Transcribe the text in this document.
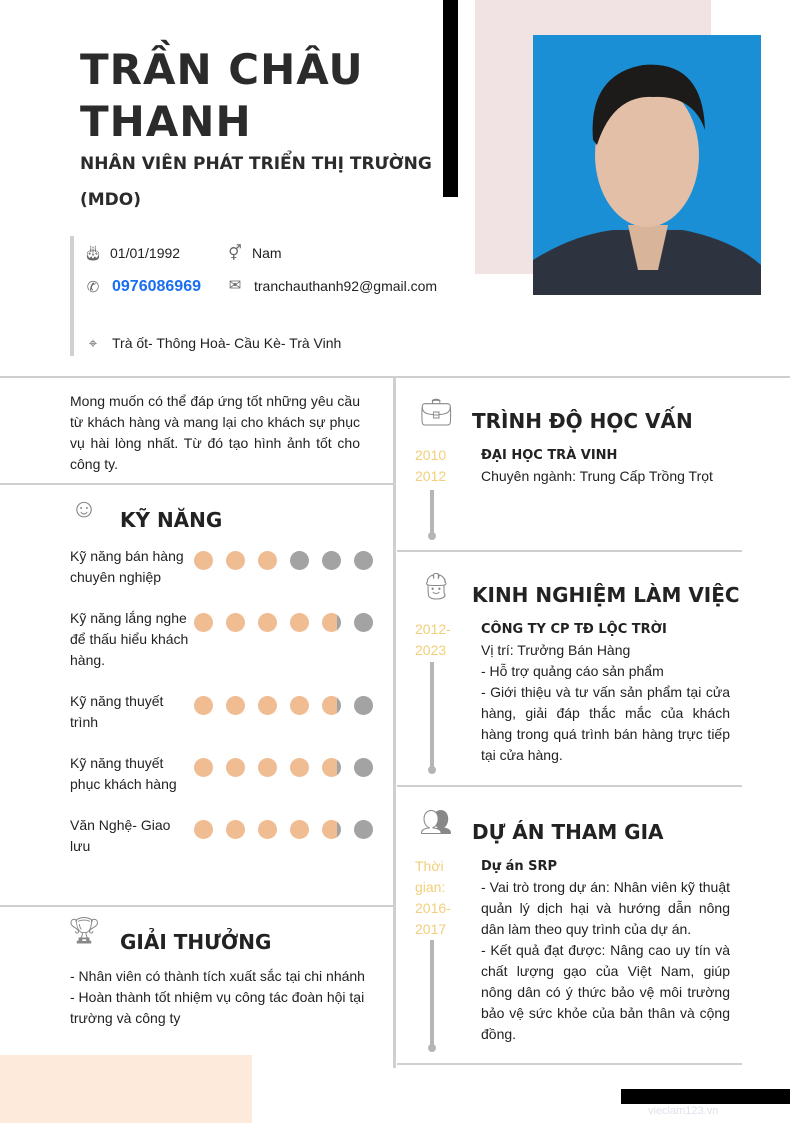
TRẦN CHÂU
THANH
NHÂN VIÊN PHÁT TRIỂN THỊ TRƯỜNG (MDO)
🎂︎ 01/01/1992	⚥ Nam
✆ 0976086969 ✉ tranchauthanh92@gmail.com
⌖	Trà ốt- Thông Hoà- Cầu Kè- Trà Vinh
Mong muốn có thể đáp ứng tốt những yêu cầu từ khách hàng và mang lại cho khách sự phục vụ hài lòng nhất. Từ đó tạo hình ảnh tốt cho công ty.
☺ KỸ NĂNG
Kỹ năng bán hàng chuyên nghiệp
Kỹ năng lắng nghe để thấu hiểu khách hàng.
Kỹ năng thuyết trình
Kỹ năng thuyết phục khách hàng
Văn Nghệ- Giao lưu
🏆︎ GIẢI THƯỞNG
- Nhân viên có thành tích xuất sắc tại chi nhánh
- Hoàn thành tốt nhiệm vụ công tác đoàn hội tại trường và công ty
💼︎ TRÌNH ĐỘ HỌC VẤN
2010
2012
ĐẠI HỌC TRÀ VINH
Chuyên ngành: Trung Cấp Trồng Trọt
👷︎ KINH NGHIỆM LÀM VIỆC
2012-
2023
CÔNG TY CP TĐ LỘC TRỜI
Vị trí: Trưởng Bán Hàng
- Hỗ trợ quảng cáo sản phẩm
- Giới thiệu và tư vấn sản phẩm tại cửa hàng, giải đáp thắc mắc của khách hàng trong quá trình bán hàng trực tiếp tại cửa hàng.
👥︎ DỰ ÁN THAM GIA
Thời
gian:
2016-
2017
Dự án SRP
- Vai trò trong dự án: Nhân viên kỹ thuật quản lý dịch hại và hướng dẫn nông dân làm theo quy trình của dự án.
- Kết quả đạt được: Nâng cao uy tín và chất lượng gạo của Việt Nam, giúp nông dân có ý thức bảo vệ môi trường bảo vệ sức khỏe của bản thân và cộng đồng.
vieclam123.vn
